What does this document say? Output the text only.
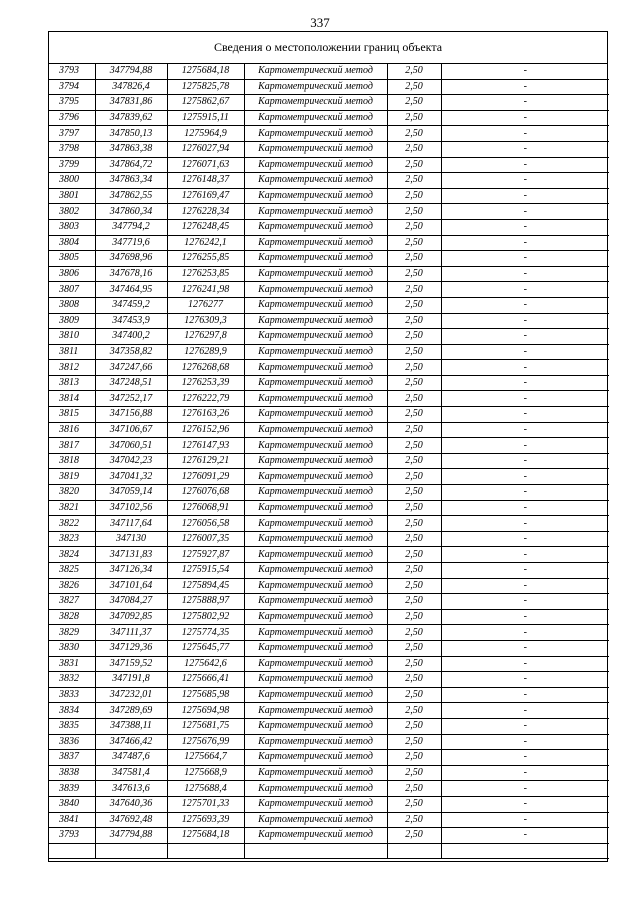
337
Сведения о местоположении границ объекта
3793	347794,88	1275684,18	Картометрический метод	2,50	-
3794	347826,4	1275825,78	Картометрический метод	2,50	-
3795	347831,86	1275862,67	Картометрический метод	2,50	-
3796	347839,62	1275915,11	Картометрический метод	2,50	-
3797	347850,13	1275964,9	Картометрический метод	2,50	-
3798	347863,38	1276027,94	Картометрический метод	2,50	-
3799	347864,72	1276071,63	Картометрический метод	2,50	-
3800	347863,34	1276148,37	Картометрический метод	2,50	-
3801	347862,55	1276169,47	Картометрический метод	2,50	-
3802	347860,34	1276228,34	Картометрический метод	2,50	-
3803	347794,2	1276248,45	Картометрический метод	2,50	-
3804	347719,6	1276242,1	Картометрический метод	2,50	-
3805	347698,96	1276255,85	Картометрический метод	2,50	-
3806	347678,16	1276253,85	Картометрический метод	2,50	-
3807	347464,95	1276241,98	Картометрический метод	2,50	-
3808	347459,2	1276277	Картометрический метод	2,50	-
3809	347453,9	1276309,3	Картометрический метод	2,50	-
3810	347400,2	1276297,8	Картометрический метод	2,50	-
3811	347358,82	1276289,9	Картометрический метод	2,50	-
3812	347247,66	1276268,68	Картометрический метод	2,50	-
3813	347248,51	1276253,39	Картометрический метод	2,50	-
3814	347252,17	1276222,79	Картометрический метод	2,50	-
3815	347156,88	1276163,26	Картометрический метод	2,50	-
3816	347106,67	1276152,96	Картометрический метод	2,50	-
3817	347060,51	1276147,93	Картометрический метод	2,50	-
3818	347042,23	1276129,21	Картометрический метод	2,50	-
3819	347041,32	1276091,29	Картометрический метод	2,50	-
3820	347059,14	1276076,68	Картометрический метод	2,50	-
3821	347102,56	1276068,91	Картометрический метод	2,50	-
3822	347117,64	1276056,58	Картометрический метод	2,50	-
3823	347130	1276007,35	Картометрический метод	2,50	-
3824	347131,83	1275927,87	Картометрический метод	2,50	-
3825	347126,34	1275915,54	Картометрический метод	2,50	-
3826	347101,64	1275894,45	Картометрический метод	2,50	-
3827	347084,27	1275888,97	Картометрический метод	2,50	-
3828	347092,85	1275802,92	Картометрический метод	2,50	-
3829	347111,37	1275774,35	Картометрический метод	2,50	-
3830	347129,36	1275645,77	Картометрический метод	2,50	-
3831	347159,52	1275642,6	Картометрический метод	2,50	-
3832	347191,8	1275666,41	Картометрический метод	2,50	-
3833	347232,01	1275685,98	Картометрический метод	2,50	-
3834	347289,69	1275694,98	Картометрический метод	2,50	-
3835	347388,11	1275681,75	Картометрический метод	2,50	-
3836	347466,42	1275676,99	Картометрический метод	2,50	-
3837	347487,6	1275664,7	Картометрический метод	2,50	-
3838	347581,4	1275668,9	Картометрический метод	2,50	-
3839	347613,6	1275688,4	Картометрический метод	2,50	-
3840	347640,36	1275701,33	Картометрический метод	2,50	-
3841	347692,48	1275693,39	Картометрический метод	2,50	-
3793	347794,88	1275684,18	Картометрический метод	2,50	-
